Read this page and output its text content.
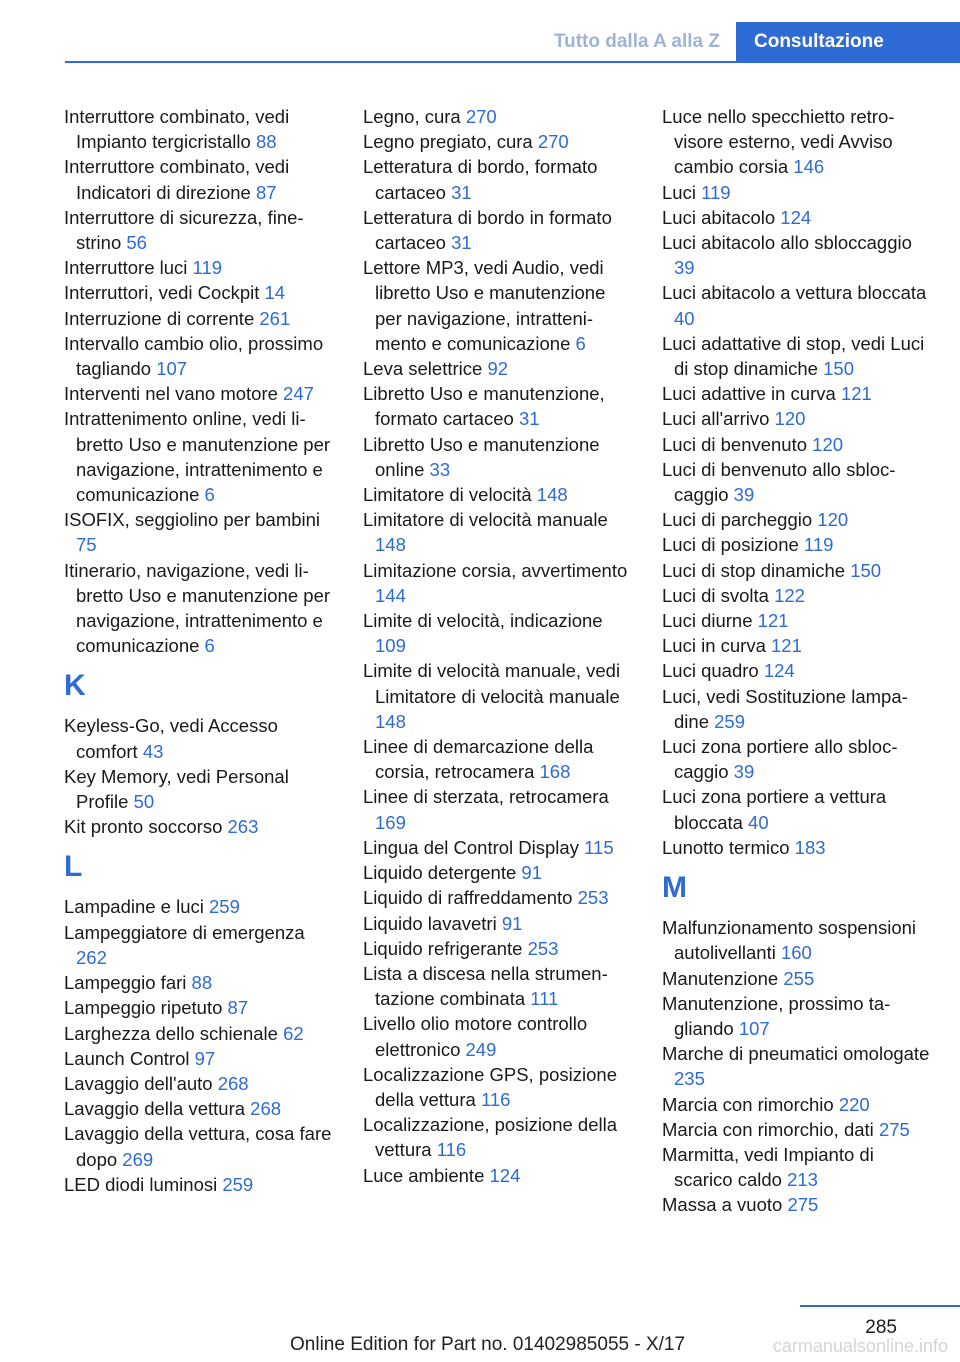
Tutto dalla A alla Z	Consultazione
Interruttore combinato, vedi Impianto tergicristallo 88
Interruttore combinato, vedi Indicatori di direzione 87
Interruttore di sicurezza, finestrino 56
Interruttore luci 119
Interruttori, vedi Cockpit 14
Interruzione di corrente 261
Intervallo cambio olio, prossimo tagliando 107
Interventi nel vano motore 247
Intrattenimento online, vedi libretto Uso e manutenzione per navigazione, intrattenimento e comunicazione 6
ISOFIX, seggiolino per bambini 75
Itinerario, navigazione, vedi libretto Uso e manutenzione per navigazione, intrattenimento e comunicazione 6
K
Keyless-Go, vedi Accesso comfort 43
Key Memory, vedi Personal Profile 50
Kit pronto soccorso 263
L
Lampadine e luci 259
Lampeggiatore di emergenza 262
Lampeggio fari 88
Lampeggio ripetuto 87
Larghezza dello schienale 62
Launch Control 97
Lavaggio dell'auto 268
Lavaggio della vettura 268
Lavaggio della vettura, cosa fare dopo 269
LED diodi luminosi 259
Legno, cura 270
Legno pregiato, cura 270
Letteratura di bordo, formato cartaceo 31
Letteratura di bordo in formato cartaceo 31
Lettore MP3, vedi Audio, vedi libretto Uso e manutenzione per navigazione, intrattenimento e comunicazione 6
Leva selettrice 92
Libretto Uso e manutenzione, formato cartaceo 31
Libretto Uso e manutenzione online 33
Limitatore di velocità 148
Limitatore di velocità manuale 148
Limitazione corsia, avvertimento 144
Limite di velocità, indicazione 109
Limite di velocità manuale, vedi Limitatore di velocità manuale 148
Linee di demarcazione della corsia, retrocamera 168
Linee di sterzata, retrocamera 169
Lingua del Control Display 115
Liquido detergente 91
Liquido di raffreddamento 253
Liquido lavavetri 91
Liquido refrigerante 253
Lista a discesa nella strumentazione combinata 111
Livello olio motore controllo elettronico 249
Localizzazione GPS, posizione della vettura 116
Localizzazione, posizione della vettura 116
Luce ambiente 124
Luce nello specchietto retrovisore esterno, vedi Avviso cambio corsia 146
Luci 119
Luci abitacolo 124
Luci abitacolo allo sbloccaggio 39
Luci abitacolo a vettura bloccata 40
Luci adattative di stop, vedi Luci di stop dinamiche 150
Luci adattive in curva 121
Luci all'arrivo 120
Luci di benvenuto 120
Luci di benvenuto allo sbloccaggio 39
Luci di parcheggio 120
Luci di posizione 119
Luci di stop dinamiche 150
Luci di svolta 122
Luci diurne 121
Luci in curva 121
Luci quadro 124
Luci, vedi Sostituzione lampadine 259
Luci zona portiere allo sbloccaggio 39
Luci zona portiere a vettura bloccata 40
Lunotto termico 183
M
Malfunzionamento sospensioni autolivellanti 160
Manutenzione 255
Manutenzione, prossimo tagliando 107
Marche di pneumatici omologate 235
Marcia con rimorchio 220
Marcia con rimorchio, dati 275
Marmitta, vedi Impianto di scarico caldo 213
Massa a vuoto 275
285
Online Edition for Part no. 01402985055 - X/17	carmanualsonline.info
